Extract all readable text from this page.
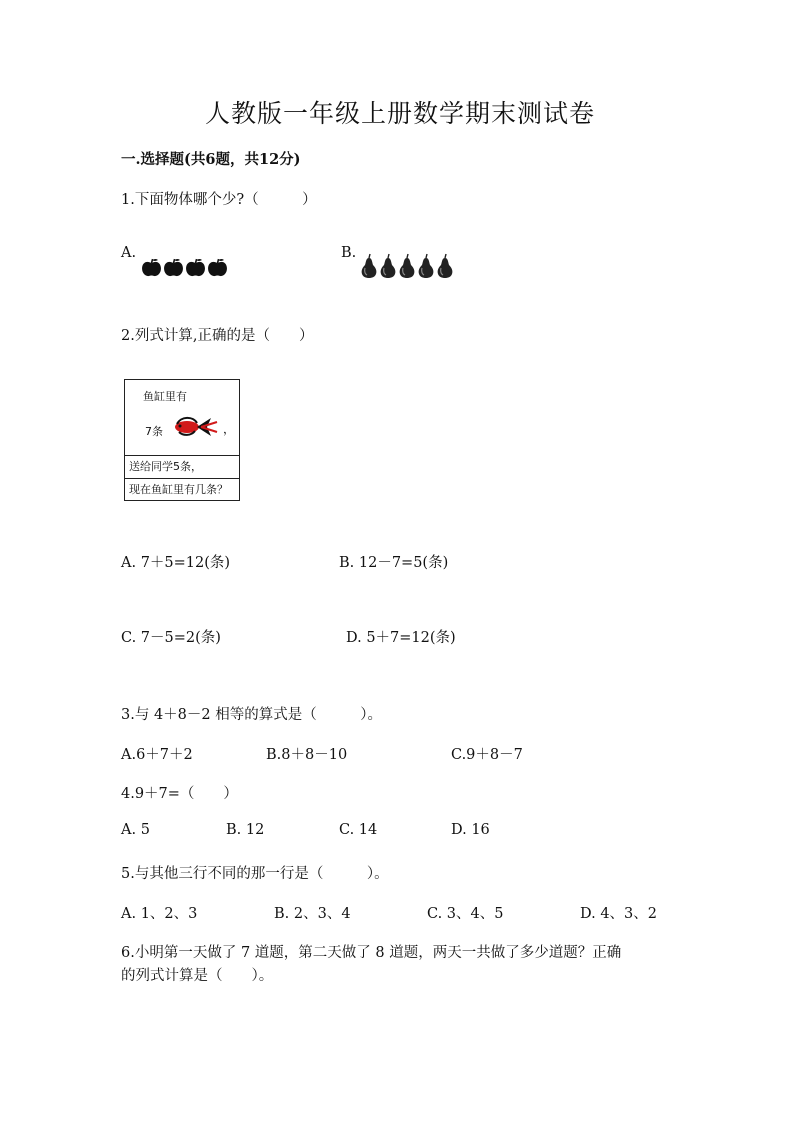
人教版一年级上册数学期末测试卷
一.选择题(共6题，共12分)
1.下面物体哪个少?（　　　）
A.	B.
2.列式计算,正确的是（　　）
鱼缸里有
7条	，
送给同学5条，
现在鱼缸里有几条？
A. 7＋5=12(条)	B. 12－7=5(条)
C. 7－5=2(条)	D. 5＋7=12(条)
3.与 4＋8－2 相等的算式是（　　　）。
A.6＋7＋2	B.8＋8－10	C.9＋8－7
4.9＋7=（　　）
A. 5	B. 12	C. 14	D. 16
5.与其他三行不同的那一行是（　　　）。
A. 1、2、3	B. 2、3、4	C. 3、4、5	D. 4、3、2
6.小明第一天做了 7 道题，第二天做了 8 道题，两天一共做了多少道题？正确
的列式计算是（　　）。
